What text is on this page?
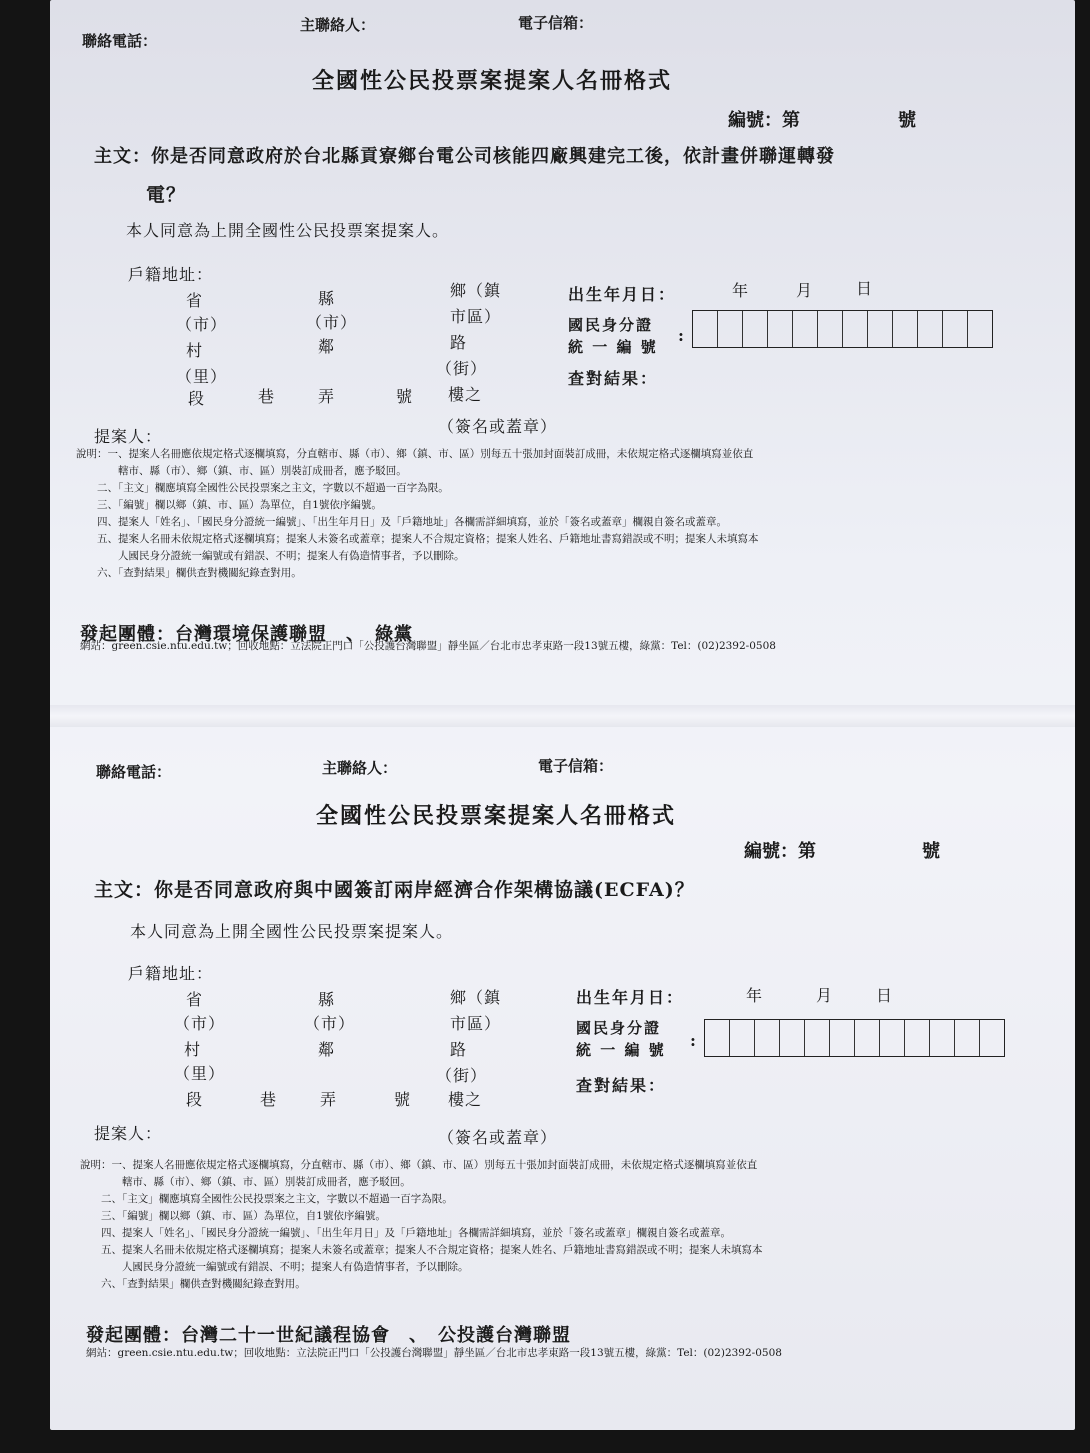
聯絡電話：
主聯絡人：	電子信箱：
全國性公民投票案提案人名冊格式
編號：第	號
主文：你是否同意政府於台北縣貢寮鄉台電公司核能四廠興建完工後，依計畫併聯運轉發
電？
本人同意為上開全國性公民投票案提案人。
戶籍地址：
省	縣	鄉（鎮
（市）	（市）	市區）
村	鄰	路
（里）	（街）
段	巷	弄	號 樓之
出生年月日：	年	月	日
國民身分證
統 一 編 號
:
查對結果：
（簽名或蓋章）
提案人：
說明：一、提案人名冊應依規定格式逐欄填寫，分直轄市、縣（市）、鄉（鎮、市、區）別每五十張加封面裝訂成冊，未依規定格式逐欄填寫並依直
　　　　轄市、縣（市）、鄉（鎮、市、區）別裝訂成冊者，應予駁回。
　　二、「主文」欄應填寫全國性公民投票案之主文，字數以不超過一百字為限。
　　三、「編號」欄以鄉（鎮、市、區）為單位，自1號依序編號。
　　四、提案人「姓名」、「國民身分證統一編號」、「出生年月日」及「戶籍地址」各欄需詳細填寫，並於「簽名或蓋章」欄親自簽名或蓋章。
　　五、提案人名冊未依規定格式逐欄填寫；提案人未簽名或蓋章；提案人不合規定資格；提案人姓名、戶籍地址書寫錯誤或不明；提案人未填寫本
　　　　人國民身分證統一編號或有錯誤、不明；提案人有偽造情事者，予以刪除。
　　六、「查對結果」欄供查對機關紀錄查對用。
發起團體：台灣環境保護聯盟　、　綠黨
網站：green.csie.ntu.edu.tw；回收地點：立法院正門口「公投護台灣聯盟」靜坐區／台北市忠孝東路一段13號五樓，綠黨：Tel：(02)2392-0508
聯絡電話：	主聯絡人：	電子信箱：
全國性公民投票案提案人名冊格式
編號：第	號
主文：你是否同意政府與中國簽訂兩岸經濟合作架構協議(ECFA)？
本人同意為上開全國性公民投票案提案人。
戶籍地址：
省	縣	鄉（鎮
（市）	（市）	市區）
村	鄰	路
（里）	（街）
段	巷	弄	號 樓之
出生年月日：	年	月	日
國民身分證
統 一 編 號 :
查對結果：
（簽名或蓋章）
提案人：
說明：一、提案人名冊應依規定格式逐欄填寫，分直轄市、縣（市）、鄉（鎮、市、區）別每五十張加封面裝訂成冊，未依規定格式逐欄填寫並依直
　　　　轄市、縣（市）、鄉（鎮、市、區）別裝訂成冊者，應予駁回。
　　二、「主文」欄應填寫全國性公民投票案之主文，字數以不超過一百字為限。
　　三、「編號」欄以鄉（鎮、市、區）為單位，自1號依序編號。
　　四、提案人「姓名」、「國民身分證統一編號」、「出生年月日」及「戶籍地址」各欄需詳細填寫，並於「簽名或蓋章」欄親自簽名或蓋章。
　　五、提案人名冊未依規定格式逐欄填寫；提案人未簽名或蓋章；提案人不合規定資格；提案人姓名、戶籍地址書寫錯誤或不明；提案人未填寫本
　　　　人國民身分證統一編號或有錯誤、不明；提案人有偽造情事者，予以刪除。
　　六、「查對結果」欄供查對機關紀錄查對用。
發起團體：台灣二十一世紀議程協會　、　公投護台灣聯盟
網站：green.csie.ntu.edu.tw；回收地點：立法院正門口「公投護台灣聯盟」靜坐區／台北市忠孝東路一段13號五樓，綠黨：Tel：(02)2392-0508
